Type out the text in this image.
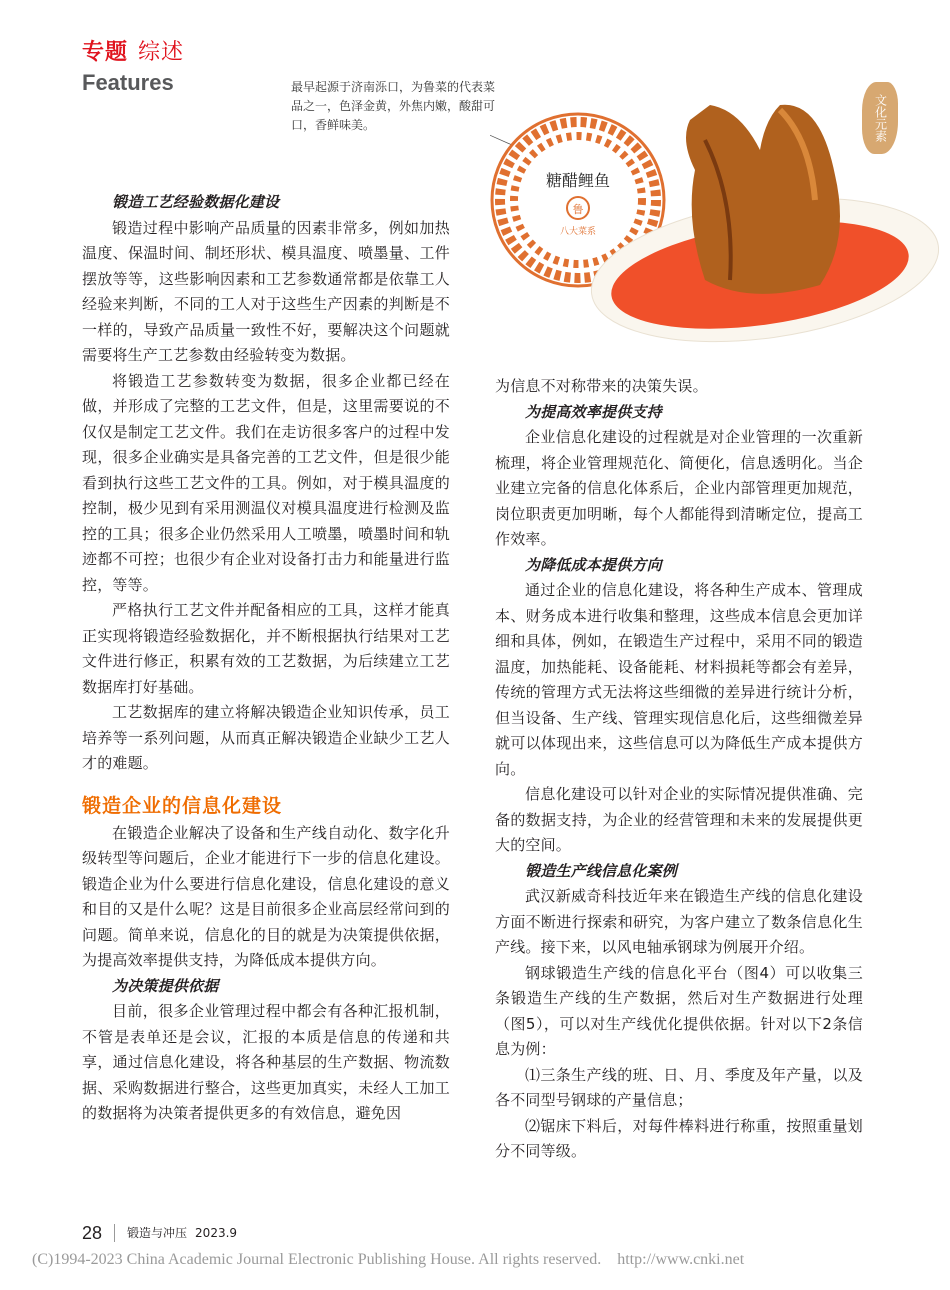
专题 综述
Features	最早起源于济南泺口，为鲁菜的代表菜品之一，色泽金黄，外焦内嫩，酸甜可口，香鲜味美。
糖醋鲤鱼
鲁
八大菜系
文化元素

锻造工艺经验数据化建设

锻造过程中影响产品质量的因素非常多，例如加热温度、保温时间、制坯形状、模具温度、喷墨量、工件摆放等等，这些影响因素和工艺参数通常都是依靠工人经验来判断，不同的工人对于这些生产因素的判断是不一样的，导致产品质量一致性不好，要解决这个问题就需要将生产工艺参数由经验转变为数据。

将锻造工艺参数转变为数据，很多企业都已经在做，并形成了完整的工艺文件，但是，这里需要说的不仅仅是制定工艺文件。我们在走访很多客户的过程中发现，很多企业确实是具备完善的工艺文件，但是很少能看到执行这些工艺文件的工具。例如，对于模具温度的控制，极少见到有采用测温仪对模具温度进行检测及监控的工具；很多企业仍然采用人工喷墨，喷墨时间和轨迹都不可控；也很少有企业对设备打击力和能量进行监控，等等。

严格执行工艺文件并配备相应的工具，这样才能真正实现将锻造经验数据化，并不断根据执行结果对工艺文件进行修正，积累有效的工艺数据，为后续建立工艺数据库打好基础。

工艺数据库的建立将解决锻造企业知识传承，员工培养等一系列问题，从而真正解决锻造企业缺少工艺人才的难题。

锻造企业的信息化建设

在锻造企业解决了设备和生产线自动化、数字化升级转型等问题后，企业才能进行下一步的信息化建设。锻造企业为什么要进行信息化建设，信息化建设的意义和目的又是什么呢？这是目前很多企业高层经常问到的问题。简单来说，信息化的目的就是为决策提供依据，为提高效率提供支持，为降低成本提供方向。

为决策提供依据

目前，很多企业管理过程中都会有各种汇报机制，不管是表单还是会议，汇报的本质是信息的传递和共享，通过信息化建设，将各种基层的生产数据、物流数据、采购数据进行整合，这些更加真实，未经人工加工的数据将为决策者提供更多的有效信息，避免因

为信息不对称带来的决策失误。

为提高效率提供支持

企业信息化建设的过程就是对企业管理的一次重新梳理，将企业管理规范化、简便化，信息透明化。当企业建立完备的信息化体系后，企业内部管理更加规范，岗位职责更加明晰，每个人都能得到清晰定位，提高工作效率。

为降低成本提供方向

通过企业的信息化建设，将各种生产成本、管理成本、财务成本进行收集和整理，这些成本信息会更加详细和具体，例如，在锻造生产过程中，采用不同的锻造温度，加热能耗、设备能耗、材料损耗等都会有差异，传统的管理方式无法将这些细微的差异进行统计分析，但当设备、生产线、管理实现信息化后，这些细微差异就可以体现出来，这些信息可以为降低生产成本提供方向。

信息化建设可以针对企业的实际情况提供准确、完备的数据支持，为企业的经营管理和未来的发展提供更大的空间。

锻造生产线信息化案例

武汉新威奇科技近年来在锻造生产线的信息化建设方面不断进行探索和研究，为客户建立了数条信息化生产线。接下来，以风电轴承钢球为例展开介绍。

钢球锻造生产线的信息化平台（图4）可以收集三条锻造生产线的生产数据，然后对生产数据进行处理（图5），可以对生产线优化提供依据。针对以下2条信息为例：

⑴三条生产线的班、日、月、季度及年产量，以及各不同型号钢球的产量信息；

⑵锯床下料后，对每件棒料进行称重，按照重量划分不同等级。

28 锻造与冲压 2023.9
(C)1994-2023 China Academic Journal Electronic Publishing House. All rights reserved.    http://www.cnki.net
